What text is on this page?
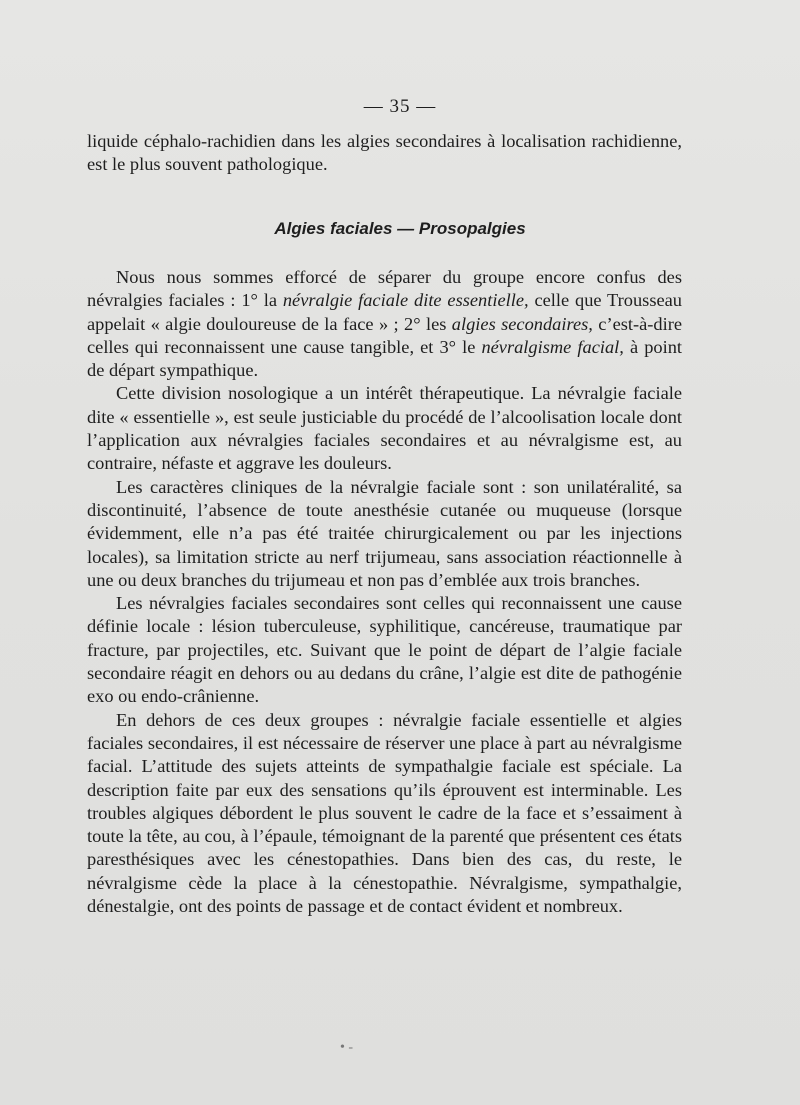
— 35 —

liquide céphalo-rachidien dans les algies secondaires à localisation rachidienne, est le plus souvent pathologique.

Algies faciales — Prosopalgies

Nous nous sommes efforcé de séparer du groupe encore confus des névralgies faciales : 1° la névralgie faciale dite essentielle, celle que Trousseau appelait « algie douloureuse de la face » ; 2° les algies secondaires, c’est-à-dire celles qui reconnaissent une cause tangible, et 3° le névralgisme facial, à point de départ sympathique.

Cette division nosologique a un intérêt thérapeutique. La névralgie faciale dite « essentielle », est seule justiciable du procédé de l’alcoolisation locale dont l’application aux névralgies faciales secondaires et au névralgisme est, au contraire, néfaste et aggrave les douleurs.

Les caractères cliniques de la névralgie faciale sont : son unilatéralité, sa discontinuité, l’absence de toute anesthésie cutanée ou muqueuse (lorsque évidemment, elle n’a pas été traitée chirurgicalement ou par les injections locales), sa limitation stricte au nerf trijumeau, sans association réactionnelle à une ou deux branches du trijumeau et non pas d’emblée aux trois branches.

Les névralgies faciales secondaires sont celles qui reconnaissent une cause définie locale : lésion tuberculeuse, syphilitique, cancéreuse, traumatique par fracture, par projectiles, etc. Suivant que le point de départ de l’algie faciale secondaire réagit en dehors ou au dedans du crâne, l’algie est dite de pathogénie exo ou endo-crânienne.

En dehors de ces deux groupes : névralgie faciale essentielle et algies faciales secondaires, il est nécessaire de réserver une place à part au névralgisme facial. L’attitude des sujets atteints de sympathalgie faciale est spéciale. La description faite par eux des sensations qu’ils éprouvent est interminable. Les troubles algiques débordent le plus souvent le cadre de la face et s’essaiment à toute la tête, au cou, à l’épaule, témoignant de la parenté que présentent ces états paresthésiques avec les cénestopathies. Dans bien des cas, du reste, le névralgisme cède la place à la cénestopathie. Névralgisme, sympathalgie, dénestalgie, ont des points de passage et de contact évident et nombreux.

• -
